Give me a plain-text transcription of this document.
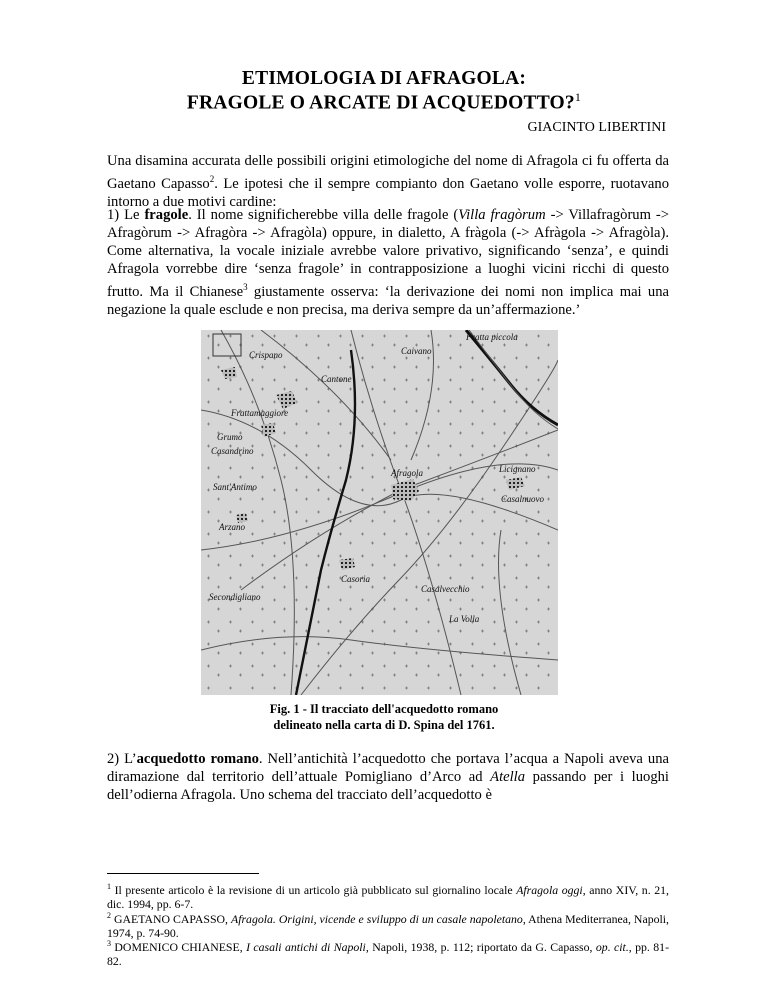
ETIMOLOGIA DI AFRAGOLA:
FRAGOLE O ARCATE DI ACQUEDOTTO?$^1$
GIACINTO LIBERTINI
Una disamina accurata delle possibili origini etimologiche del nome di Afragola ci fu offerta da Gaetano Capasso$^2$. Le ipotesi che il sempre compianto don Gaetano volle esporre, ruotavano intorno a due motivi cardine:
1) Le fragole. Il nome significherebbe villa delle fragole (Villa fragòrum -> Villafragòrum -> Afragòrum -> Afragòra -> Afragòla) oppure, in dialetto, A fràgola (-> Afràgola -> Afragòla). Come alternativa, la vocale iniziale avrebbe valore privativo, significando ‘senza’, e quindi Afragola vorrebbe dire ‘senza fragole’ in contrapposizione a luoghi vicini ricchi di questo frutto. Ma il Chianese$^3$ giustamente osserva: ‘la derivazione dei nomi non implica mai una negazione la quale esclude e non precisa, ma deriva sempre da un’affermazione.’
Afragola
Casoria
Arzano
Licignano
Casalnuovo
Cantone
Caivano
Crispano
Frattamaggiore
Grumo
Casandrino
Secondigliano
La Volla
Sant'Antimo
Casalvecchio
Fratta piccola
Fig. 1 - Il tracciato dell'acquedotto romano
delineato nella carta di D. Spina del 1761.
2) L’acquedotto romano. Nell’antichità l’acquedotto che portava l’acqua a Napoli aveva una diramazione dal territorio dell’attuale Pomigliano d’Arco ad Atella passando per i luoghi dell’odierna Afragola. Uno schema del tracciato dell’acquedotto è
$^1$ Il presente articolo è la revisione di un articolo già pubblicato sul giornalino locale Afragola oggi, anno XIV, n. 21, dic. 1994, pp. 6-7.
$^2$ GAETANO CAPASSO, Afragola. Origini, vicende e sviluppo di un casale napoletano, Athena Mediterranea, Napoli, 1974, p. 74-90.
$^3$ DOMENICO CHIANESE, I casali antichi di Napoli, Napoli, 1938, p. 112; riportato da G. Capasso, op. cit., pp. 81-82.
